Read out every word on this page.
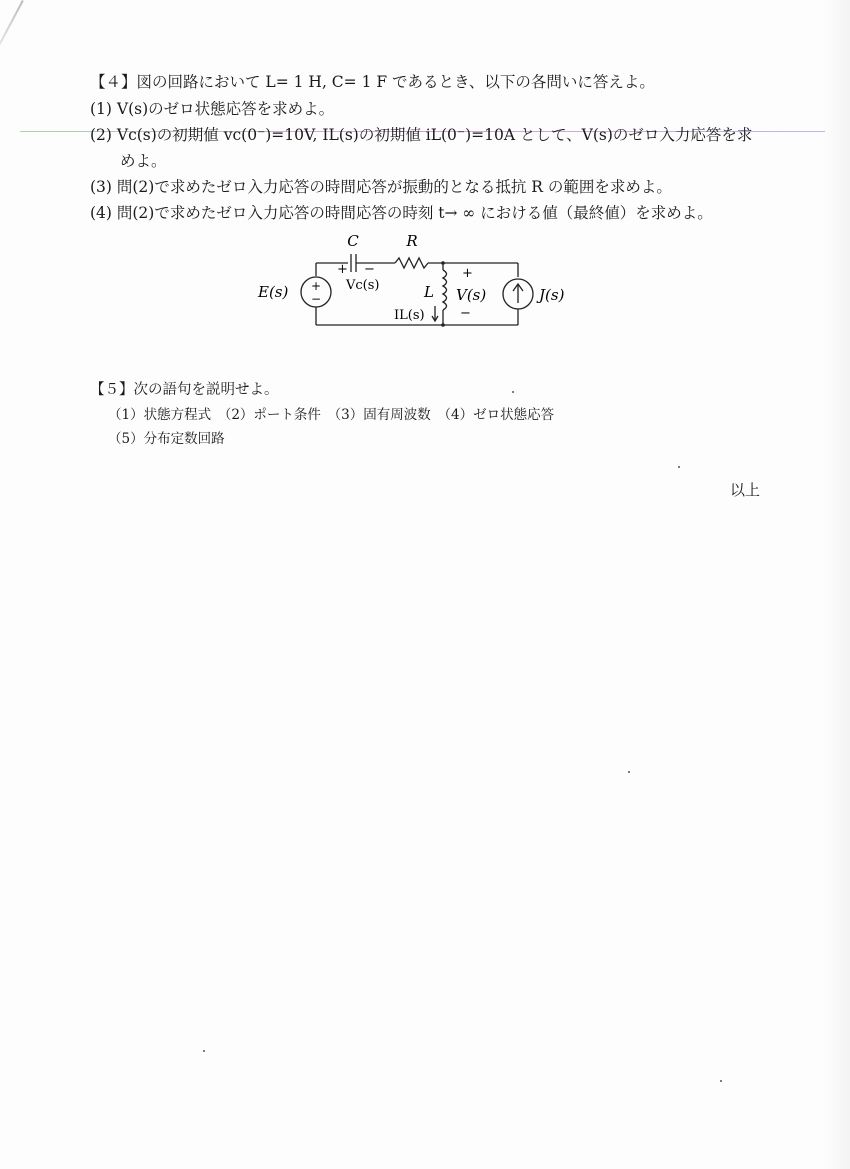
【４】図の回路において L= 1 H, C= 1 F であるとき、以下の各問いに答えよ。
(1) V(s)のゼロ状態応答を求めよ。
(2) Vc(s)の初期値 vc(0⁻)=10V, IL(s)の初期値 iL(0⁻)=10A として、V(s)のゼロ入力応答を求
めよ。
(3) 問(2)で求めたゼロ入力応答の時間応答が振動的となる抵抗 R の範囲を求めよ。
(4) 問(2)で求めたゼロ入力応答の時間応答の時刻 t→ ∞ における値（最終値）を求めよ。
+
−
C	R
E(s)	J(s)
L V(s)
+
−
+ −
Vc(s)
IL(s)
【５】次の語句を説明せよ。
（1）状態方程式　（2）ポート条件　（3）固有周波数　（4）ゼロ状態応答
（5）分布定数回路
以上
